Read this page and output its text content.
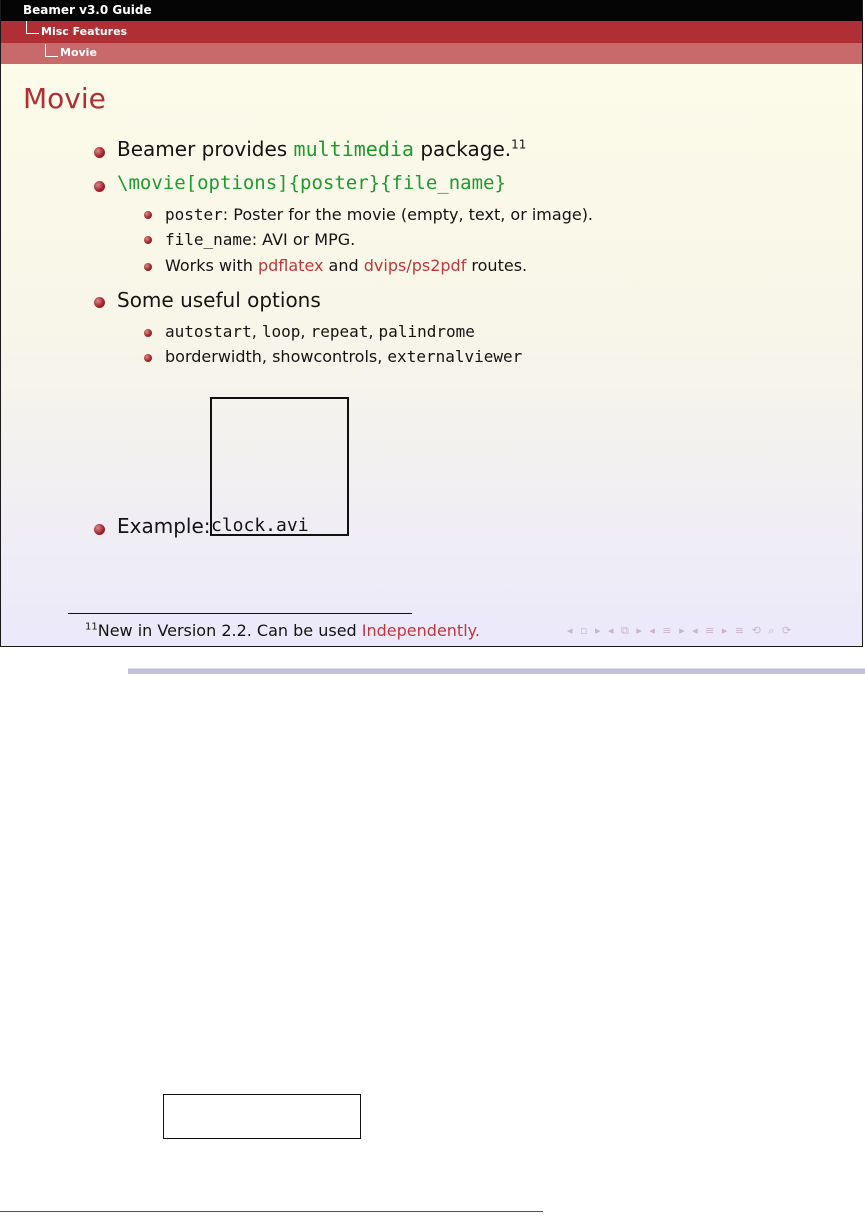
Beamer v3.0 Guide
Misc Features
Movie
Movie
Beamer provides multimedia package.$^{11}$
\movie[options]{poster}{file_name}
poster: Poster for the movie (empty, text, or image).
file_name: AVI or MPG.
Works with pdflatex and dvips/ps2pdf routes.
Some useful options
autostart, loop, repeat, palindrome
borderwidth, showcontrols, externalviewer
Example: clock.avi
$^{11}$New in Version 2.2. Can be used Independently.	◂ ▫ ▸ ◂ ⧉ ▸ ◂ ≡ ▸ ◂ ≡ ▸ ≡ ⟲ ⌕ ⟳
